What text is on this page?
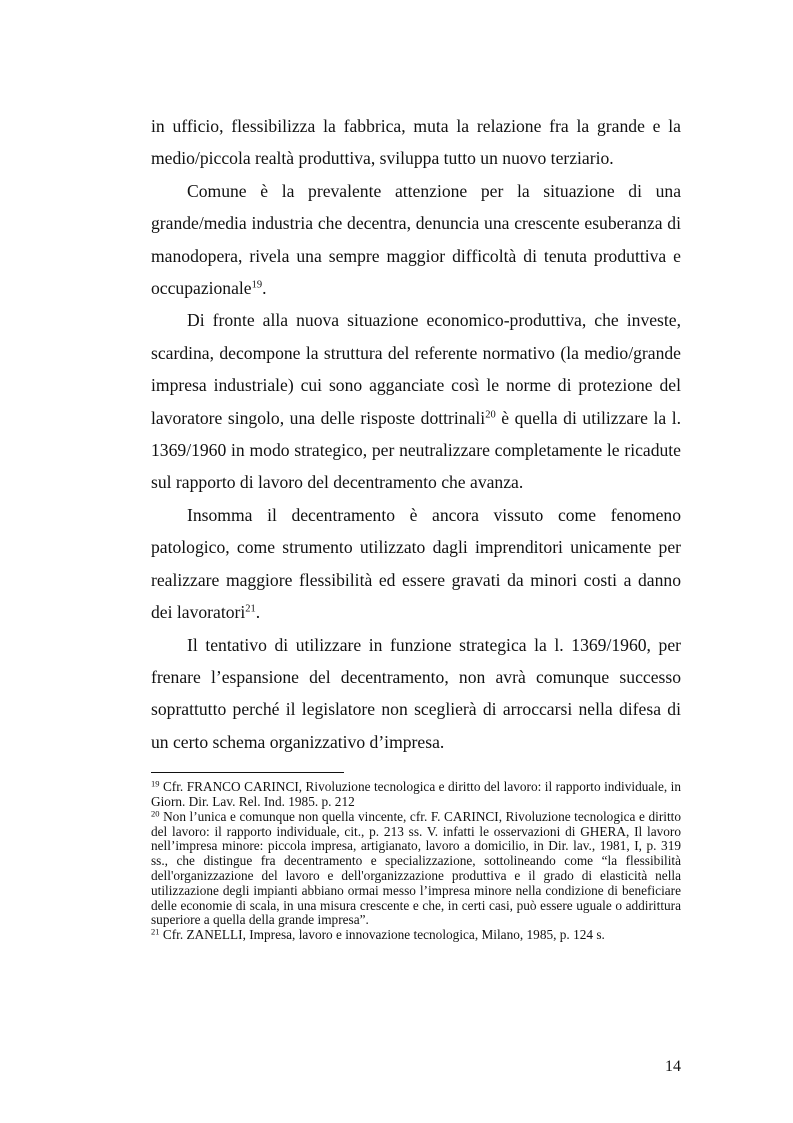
in ufficio, flessibilizza la fabbrica, muta la relazione fra la grande e la medio/piccola realtà produttiva, sviluppa tutto un nuovo terziario.

Comune è la prevalente attenzione per la situazione di una grande/media industria che decentra, denuncia una crescente esuberanza di manodopera, rivela una sempre maggior difficoltà di tenuta produttiva e occupazionale$^{19}$.

Di fronte alla nuova situazione economico-produttiva, che investe, scardina, decompone la struttura del referente normativo (la medio/grande impresa industriale) cui sono agganciate così le norme di protezione del lavoratore singolo, una delle risposte dottrinali$^{20}$ è quella di utilizzare la l. 1369/1960 in modo strategico, per neutralizzare completamente le ricadute sul rapporto di lavoro del decentramento che avanza.

Insomma il decentramento è ancora vissuto come fenomeno patologico, come strumento utilizzato dagli imprenditori unicamente per realizzare maggiore flessibilità ed essere gravati da minori costi a danno dei lavoratori$^{21}$.

Il tentativo di utilizzare in funzione strategica la l. 1369/1960, per frenare l’espansione del decentramento, non avrà comunque successo soprattutto perché il legislatore non sceglierà di arroccarsi nella difesa di un certo schema organizzativo d’impresa.

$^{19}$ Cfr. FRANCO CARINCI, Rivoluzione tecnologica e diritto del lavoro: il rapporto individuale, in Giorn. Dir. Lav. Rel. Ind. 1985. p. 212

$^{20}$ Non l’unica e comunque non quella vincente, cfr. F. CARINCI, Rivoluzione tecnologica e diritto del lavoro: il rapporto individuale, cit., p. 213 ss. V. infatti le osservazioni di GHERA, Il lavoro nell’impresa minore: piccola impresa, artigianato, lavoro a domicilio, in Dir. lav., 1981, I, p. 319 ss., che distingue fra decentramento e specializzazione, sottolineando come “la flessibilità dell'organizzazione del lavoro e dell'organizzazione produttiva e il grado di elasticità nella utilizzazione degli impianti abbiano ormai messo l’impresa minore nella condizione di beneficiare delle economie di scala, in una misura crescente e che, in certi casi, può essere uguale o addirittura superiore a quella della grande impresa”.

$^{21}$ Cfr. ZANELLI, Impresa, lavoro e innovazione tecnologica, Milano, 1985, p. 124 s.

14
